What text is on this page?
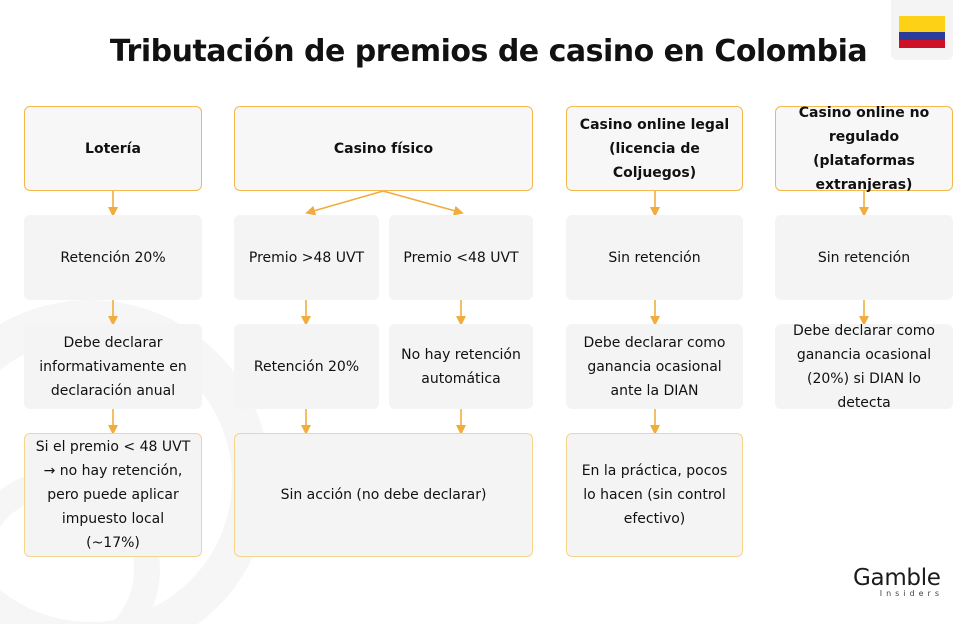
Tributación de premios de casino en Colombia
Lotería
Retención 20%
Debe declarar informativamente en declaración anual
Si el premio < 48 UVT → no hay retención, pero puede aplicar impuesto local (~17%)
Casino físico
Premio >48 UVT	Premio <48 UVT
Retención 20%
No hay retención automática
Sin acción (no debe declarar)
Casino online legal (licencia de Coljuegos)
Sin retención
Debe declarar como ganancia ocasional ante la DIAN
En la práctica, pocos lo hacen (sin control efectivo)
Casino online no regulado (plataformas extranjeras)
Sin retención
Debe declarar como ganancia ocasional (20%) si DIAN lo detecta
Gamble
Insiders
